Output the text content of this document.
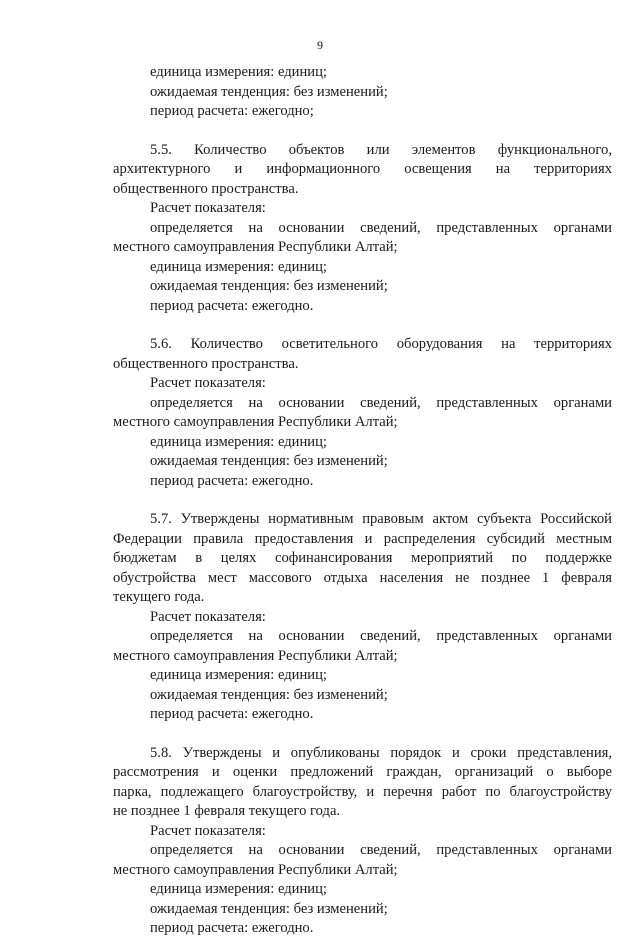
9
единица измерения: единиц;
ожидаемая тенденция: без изменений;
период расчета: ежегодно;
5.5. Количество объектов или элементов функционального,
архитектурного и информационного освещения на территориях
общественного пространства.
Расчет показателя:
определяется на основании сведений, представленных органами
местного самоуправления Республики Алтай;
единица измерения: единиц;
ожидаемая тенденция: без изменений;
период расчета: ежегодно.
5.6. Количество осветительного оборудования на территориях
общественного пространства.
Расчет показателя:
определяется на основании сведений, представленных органами
местного самоуправления Республики Алтай;
единица измерения: единиц;
ожидаемая тенденция: без изменений;
период расчета: ежегодно.
5.7. Утверждены нормативным правовым актом субъекта Российской
Федерации правила предоставления и распределения субсидий местным
бюджетам в целях софинансирования мероприятий по поддержке
обустройства мест массового отдыха населения не позднее 1 февраля
текущего года.
Расчет показателя:
определяется на основании сведений, представленных органами
местного самоуправления Республики Алтай;
единица измерения: единиц;
ожидаемая тенденция: без изменений;
период расчета: ежегодно.
5.8. Утверждены и опубликованы порядок и сроки представления,
рассмотрения и оценки предложений граждан, организаций о выборе
парка, подлежащего благоустройству, и перечня работ по благоустройству
не позднее 1 февраля текущего года.
Расчет показателя:
определяется на основании сведений, представленных органами
местного самоуправления Республики Алтай;
единица измерения: единиц;
ожидаемая тенденция: без изменений;
период расчета: ежегодно.
